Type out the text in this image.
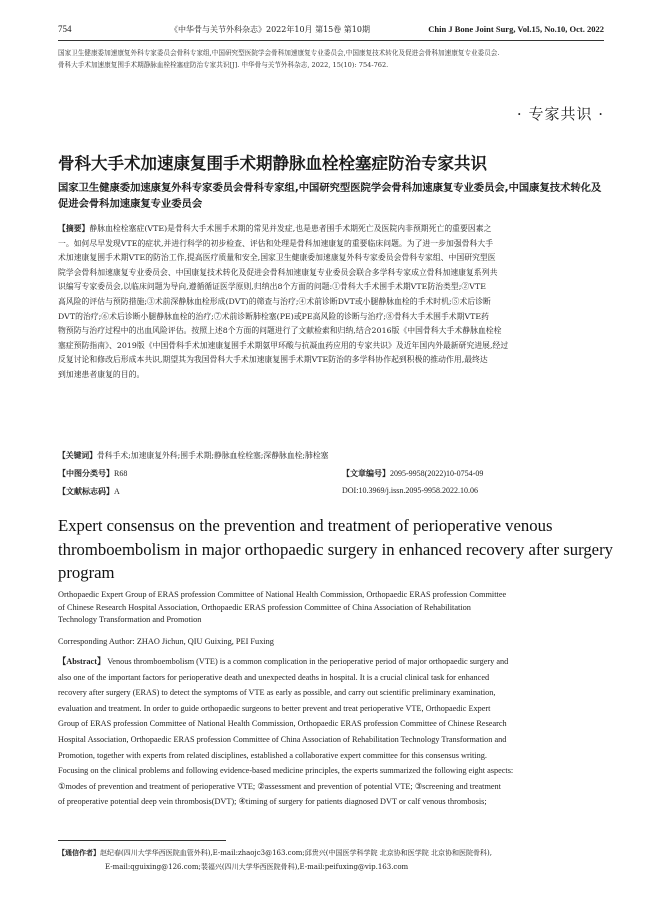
754	《中华骨与关节外科杂志》2022年10月 第15卷 第10期	Chin J Bone Joint Surg, Vol.15, No.10, Oct. 2022
国家卫生健康委加速康复外科专家委员会骨科专家组,中国研究型医院学会骨科加速康复专业委员会,中国康复技术转化及促进会骨科加速康复专业委员会.
骨科大手术加速康复围手术期静脉血栓栓塞症防治专家共识[J]. 中华骨与关节外科杂志, 2022, 15(10): 754-762.
· 专家共识 ·
骨科大手术加速康复围手术期静脉血栓栓塞症防治专家共识
国家卫生健康委加速康复外科专家委员会骨科专家组,中国研究型医院学会骨科加速康复专业委员会,中国康复技术转化及促进会骨科加速康复专业委员会
【摘要】静脉血栓栓塞症(VTE)是骨科大手术围手术期的常见并发症,也是患者围手术期死亡及医院内非预期死亡的重要因素之
一。如何尽早发现VTE的症状,并进行科学的初步检查、评估和处理是骨科加速康复的重要临床问题。为了进一步加强骨科大手
术加速康复围手术期VTE的防治工作,提高医疗质量和安全,国家卫生健康委加速康复外科专家委员会骨科专家组、中国研究型医
院学会骨科加速康复专业委员会、中国康复技术转化及促进会骨科加速康复专业委员会联合多学科专家成立骨科加速康复系列共
识编写专家委员会,以临床问题为导向,遵循循证医学原则,归纳出8个方面的问题:①骨科大手术围手术期VTE防治类型;②VTE
高风险的评估与预防措施;③术前深静脉血栓形成(DVT)的筛查与治疗;④术前诊断DVT或小腿静脉血栓的手术时机;⑤术后诊断
DVT的治疗;⑥术后诊断小腿静脉血栓的治疗;⑦术前诊断肺栓塞(PE)或PE高风险的诊断与治疗;⑧骨科大手术围手术期VTE药
物预防与治疗过程中的出血风险评估。按照上述8个方面的问题进行了文献检索和归纳,结合2016版《中国骨科大手术静脉血栓栓
塞症预防指南》、2019版《中国骨科手术加速康复围手术期氨甲环酸与抗凝血药应用的专家共识》及近年国内外最新研究进展,经过
反复讨论和修改后形成本共识,期望其为我国骨科大手术加速康复围手术期VTE防治的多学科协作起到积极的推动作用,最终达
到加速患者康复的目的。
【关键词】骨科手术;加速康复外科;围手术期;静脉血栓栓塞;深静脉血栓;肺栓塞
【中图分类号】R68	【文章编号】2095-9958(2022)10-0754-09
【文献标志码】A	DOI:10.3969/j.issn.2095-9958.2022.10.06
Expert consensus on the prevention and treatment of perioperative venous
thromboembolism in major orthopaedic surgery in enhanced recovery after surgery
program
Orthopaedic Expert Group of ERAS profession Committee of National Health Commission, Orthopaedic ERAS profession Committee
of Chinese Research Hospital Association, Orthopaedic ERAS profession Committee of China Association of Rehabilitation
Technology Transformation and Promotion
Corresponding Author: ZHAO Jichun, QIU Guixing, PEI Fuxing
【Abstract】 Venous thromboembolism (VTE) is a common complication in the perioperative period of major orthopaedic surgery and
also one of the important factors for perioperative death and unexpected deaths in hospital. It is a crucial clinical task for enhanced
recovery after surgery (ERAS) to detect the symptoms of VTE as early as possible, and carry out scientific preliminary examination,
evaluation and treatment. In order to guide orthopaedic surgeons to better prevent and treat perioperative VTE, Orthopaedic Expert
Group of ERAS profession Committee of National Health Commission, Orthopaedic ERAS profession Committee of Chinese Research
Hospital Association, Orthopaedic ERAS profession Committee of China Association of Rehabilitation Technology Transformation and
Promotion, together with experts from related disciplines, established a collaborative expert committee for this consensus writing.
Focusing on the clinical problems and following evidence-based medicine principles, the experts summarized the following eight aspects:
①modes of prevention and treatment of perioperative VTE; ②assessment and prevention of potential VTE; ③screening and treatment
of preoperative potential deep vein thrombosis(DVT); ④timing of surgery for patients diagnosed DVT or calf venous thrombosis;
【通信作者】赵纪春(四川大学华西医院血管外科),E-mail:zhaojc3@163.com;邱贵兴(中国医学科学院 北京协和医学院 北京协和医院骨科),
E-mail:qguixing@126.com;裴福兴(四川大学华西医院骨科),E-mail:peifuxing@vip.163.com
